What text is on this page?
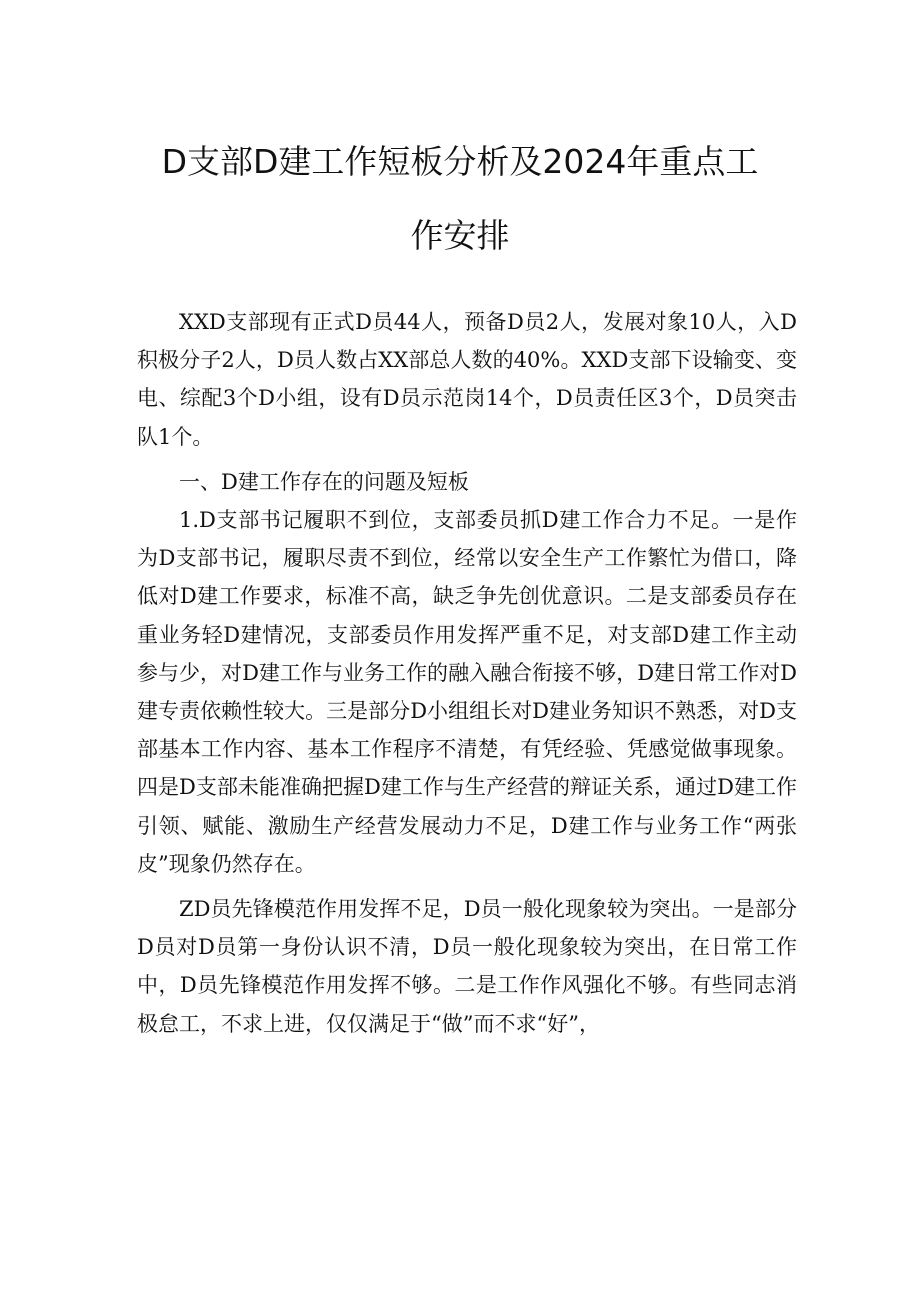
D支部D建工作短板分析及2024年重点工
作安排

XXD支部现有正式D员44人，预备D员2人，发展对象10人，入D积极分子2人，D员人数占XX部总人数的40%。XXD支部下设输变、变电、综配3个D小组，设有D员示范岗14个，D员责任区3个，D员突击队1个。

一、D建工作存在的问题及短板

1.D支部书记履职不到位，支部委员抓D建工作合力不足。一是作为D支部书记，履职尽责不到位，经常以安全生产工作繁忙为借口，降低对D建工作要求，标准不高，缺乏争先创优意识。二是支部委员存在重业务轻D建情况，支部委员作用发挥严重不足，对支部D建工作主动参与少，对D建工作与业务工作的融入融合衔接不够，D建日常工作对D建专责依赖性较大。三是部分D小组组长对D建业务知识不熟悉，对D支部基本工作内容、基本工作程序不清楚，有凭经验、凭感觉做事现象。四是D支部未能准确把握D建工作与生产经营的辩证关系，通过D建工作引领、赋能、激励生产经营发展动力不足，D建工作与业务工作“两张皮”现象仍然存在。

ZD员先锋模范作用发挥不足，D员一般化现象较为突出。一是部分D员对D员第一身份认识不清，D员一般化现象较为突出，在日常工作中，D员先锋模范作用发挥不够。二是工作作风强化不够。有些同志消极怠工，不求上进，仅仅满足于“做”而不求“好”，
